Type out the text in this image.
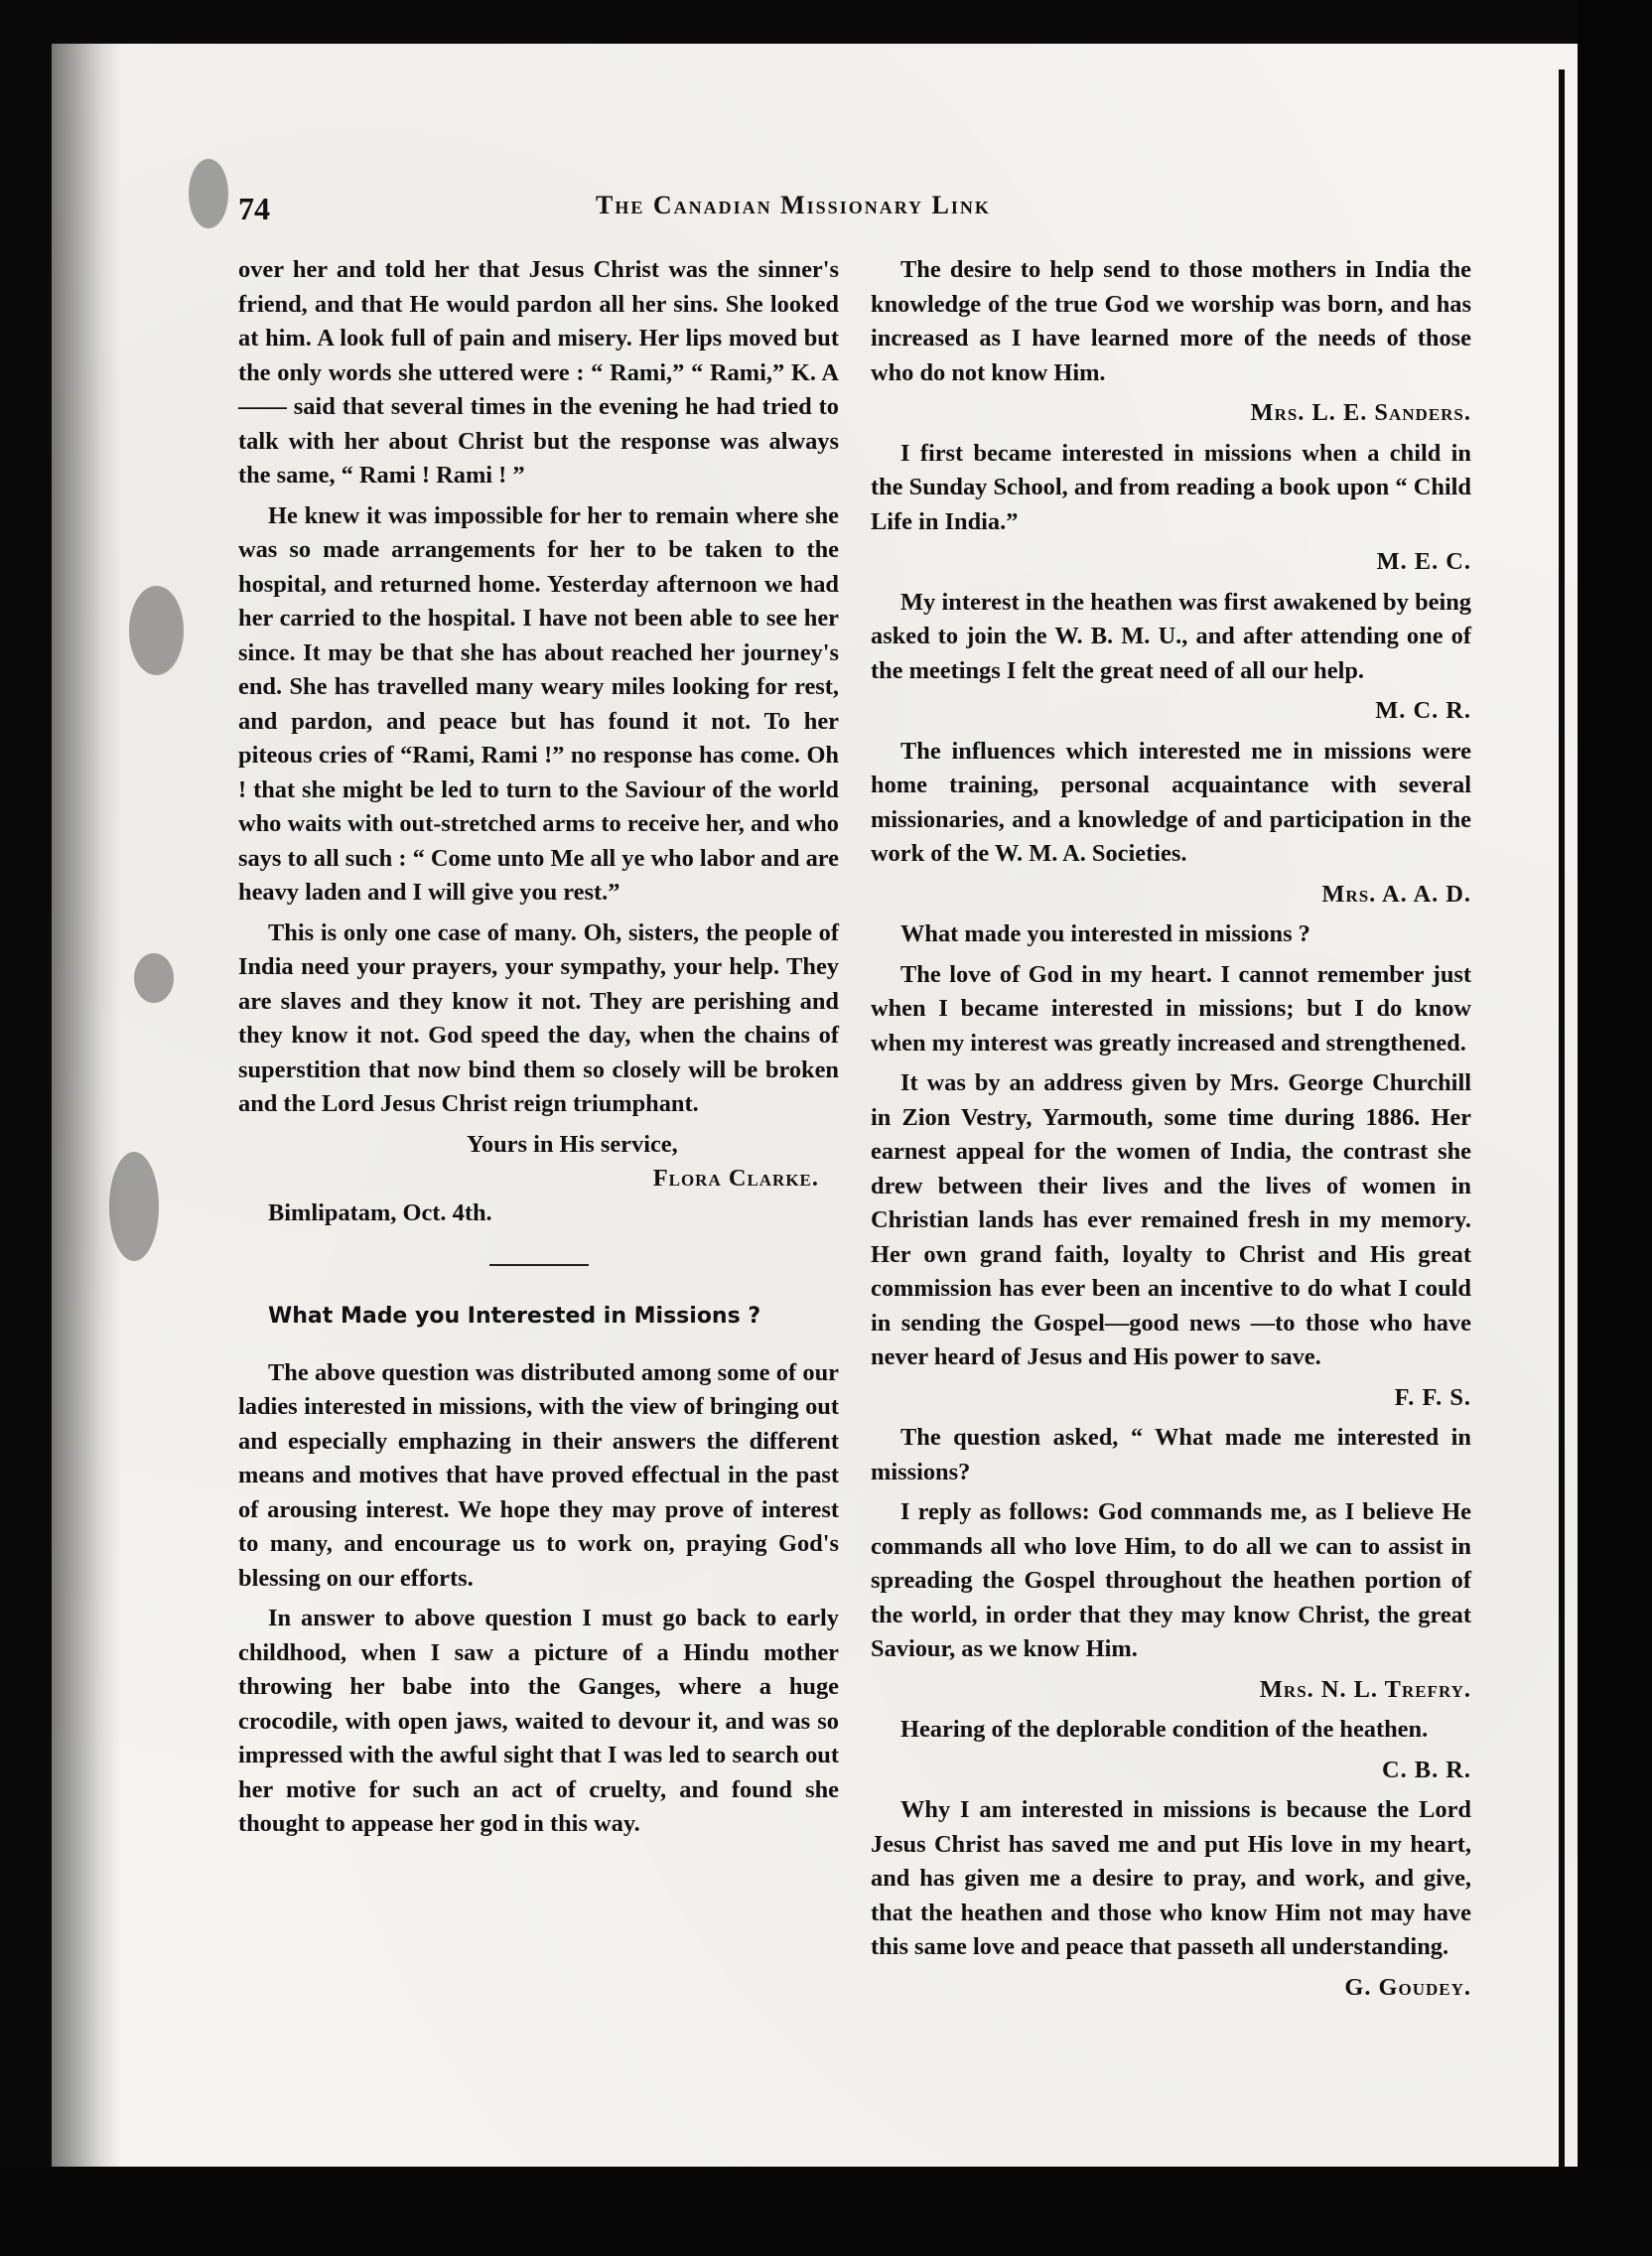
74	The Canadian Missionary Link

over her and told her that Jesus Christ was the sinner's friend, and that He would pardon all her sins. She looked at him. A look full of pain and misery. Her lips moved but the only words she uttered were : “ Rami,” “ Rami,” K. A—— said that several times in the evening he had tried to talk with her about Christ but the response was always the same, “ Rami ! Rami ! ”

He knew it was impossible for her to remain where she was so made arrangements for her to be taken to the hospital, and returned home. Yesterday afternoon we had her carried to the hospital. I have not been able to see her since. It may be that she has about reached her journey's end. She has travelled many weary miles looking for rest, and pardon, and peace but has found it not. To her piteous cries of “Rami, Rami !” no response has come. Oh ! that she might be led to turn to the Saviour of the world who waits with out-stretched arms to receive her, and who says to all such : “ Come unto Me all ye who labor and are heavy laden and I will give you rest.”

This is only one case of many. Oh, sisters, the people of India need your prayers, your sympathy, your help. They are slaves and they know it not. They are perishing and they know it not. God speed the day, when the chains of superstition that now bind them so closely will be broken and the Lord Jesus Christ reign triumphant.

Yours in His service,
Flora Clarke.
Bimlipatam, Oct. 4th.
What Made you Interested in Missions ?

The above question was distributed among some of our ladies interested in missions, with the view of bringing out and especially emphazing in their answers the different means and motives that have proved effectual in the past of arousing interest. We hope they may prove of interest to many, and encourage us to work on, praying God's blessing on our efforts.

In answer to above question I must go back to early childhood, when I saw a picture of a Hindu mother throwing her babe into the Ganges, where a huge crocodile, with open jaws, waited to devour it, and was so impressed with the awful sight that I was led to search out her motive for such an act of cruelty, and found she thought to appease her god in this way.

The desire to help send to those mothers in India the knowledge of the true God we worship was born, and has increased as I have learned more of the needs of those who do not know Him.

Mrs. L. E. Sanders.

I first became interested in missions when a child in the Sunday School, and from reading a book upon “ Child Life in India.”

M. E. C.

My interest in the heathen was first awakened by being asked to join the W. B. M. U., and after attending one of the meetings I felt the great need of all our help.

M. C. R.

The influences which interested me in missions were home training, personal acquaintance with several missionaries, and a knowledge of and participation in the work of the W. M. A. Societies.

Mrs. A. A. D.

What made you interested in missions ?

The love of God in my heart. I cannot remember just when I became interested in missions; but I do know when my interest was greatly increased and strengthened.

It was by an address given by Mrs. George Churchill in Zion Vestry, Yarmouth, some time during 1886. Her earnest appeal for the women of India, the contrast she drew between their lives and the lives of women in Christian lands has ever remained fresh in my memory. Her own grand faith, loyalty to Christ and His great commission has ever been an incentive to do what I could in sending the Gospel—good news —to those who have never heard of Jesus and His power to save.

F. F. S.

The question asked, “ What made me interested in missions?

I reply as follows: God commands me, as I believe He commands all who love Him, to do all we can to assist in spreading the Gospel throughout the heathen portion of the world, in order that they may know Christ, the great Saviour, as we know Him.

Mrs. N. L. Trefry.

Hearing of the deplorable condition of the heathen.

C. B. R.

Why I am interested in missions is because the Lord Jesus Christ has saved me and put His love in my heart, and has given me a desire to pray, and work, and give, that the heathen and those who know Him not may have this same love and peace that passeth all understanding.

G. Goudey.
